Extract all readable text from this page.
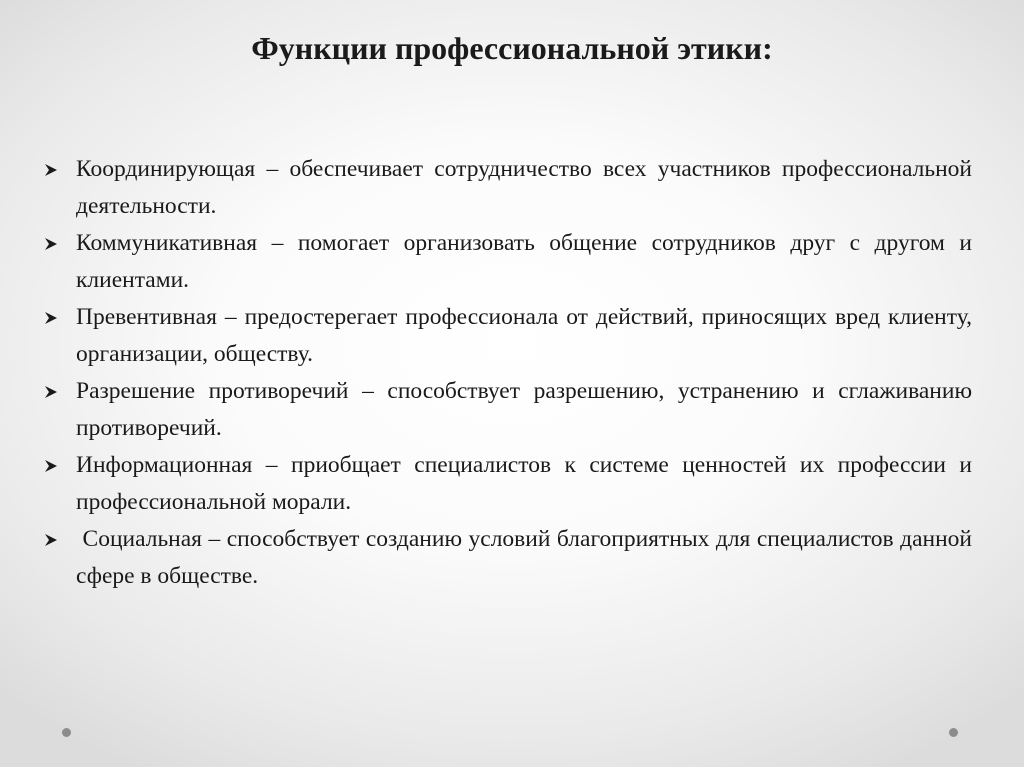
Функции профессиональной этики:
Координирующая – обеспечивает сотрудничество всех участников профессиональной деятельности.
Коммуникативная – помогает организовать общение сотрудников друг с другом и клиентами.
Превентивная – предостерегает профессионала от действий, приносящих вред клиенту, организации, обществу.
Разрешение противоречий – способствует разрешению, устранению и сглаживанию противоречий.
Информационная – приобщает специалистов к системе ценностей их профессии и профессиональной морали.
Социальная – способствует созданию условий благоприятных для специалистов данной сфере в обществе.
